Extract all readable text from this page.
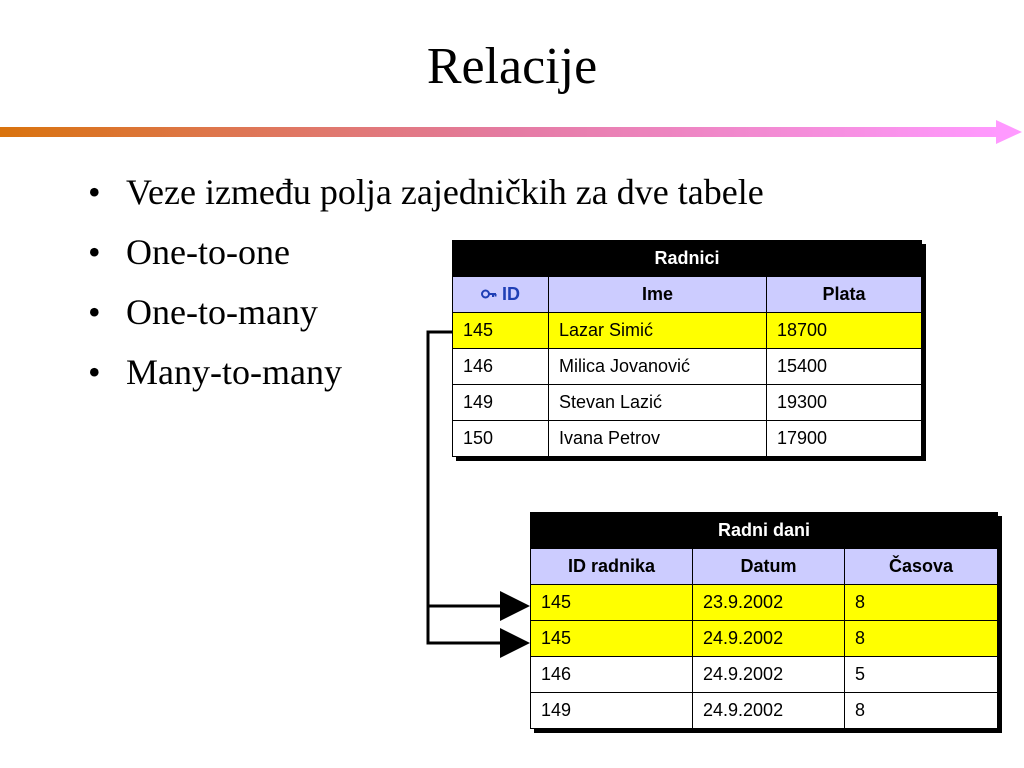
Relacije
• Veze između polja zajedničkih za dve tabele
• One-to-one
• One-to-many
• Many-to-many
Radnici		
ID	Ime	Plata
145	Lazar Simić	18700
146	Milica Jovanović	15400
149	Stevan Lazić	19300
150	Ivana Petrov	17900
Radni dani		
ID radnika	Datum	Časova
145	23.9.2002	8
145	24.9.2002	8
146	24.9.2002	5
149	24.9.2002	8
